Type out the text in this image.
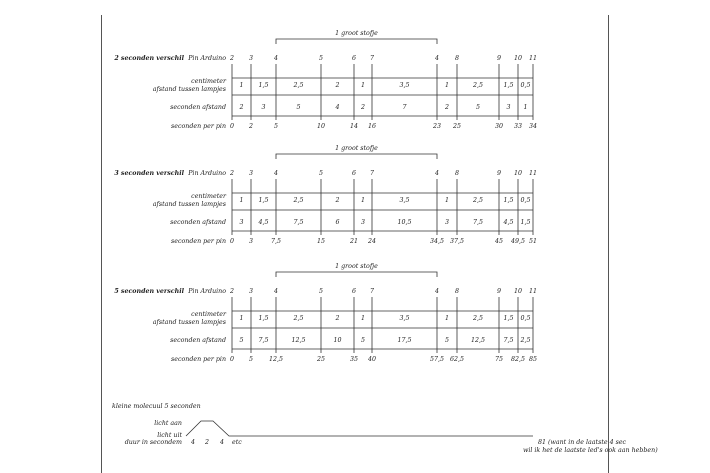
1 groot stofje
2 seconden verschil Pin Arduino
centimeter
afstand tussen lampjes
seconden afstand
seconden per pin
2
0
3
2
4
5
5
10
6
14
7
16
4
23
8
25
9
30
10
33
11
34
1
2
1,5
3
2,5
5
2
4
1
2
3,5
7
1
2
2,5
5
1,5
3
0,5
1
1 groot stofje
3 seconden verschil Pin Arduino
centimeter
afstand tussen lampjes
seconden afstand
seconden per pin
2
0
3
3
4
7,5
5
15
6
21
7
24
4
34,5
8
37,5
9
45
10
49,5
11
51
1
3
1,5
4,5
2,5
7,5
2
6
1
3
3,5
10,5
1
3
2,5
7,5
1,5
4,5
0,5
1,5
1 groot stofje
5 seconden verschil Pin Arduino
centimeter
afstand tussen lampjes
seconden afstand
seconden per pin
2
0
3
5
4
12,5
5
25
6
35
7
40
4
57,5
8
62,5
9
75
10
82,5
11
85
1
5
1,5
7,5
2,5
12,5
2
10
1
5
3,5
17,5
1
5
2,5
12,5
1,5
7,5
0,5
2,5
kleine molecuul 5 seconden
licht aan
licht uit
duur in secondem 4 2 4 etc	81 (want in de laatste 4 sec
wil ik het de laatste led's ook aan hebben)
